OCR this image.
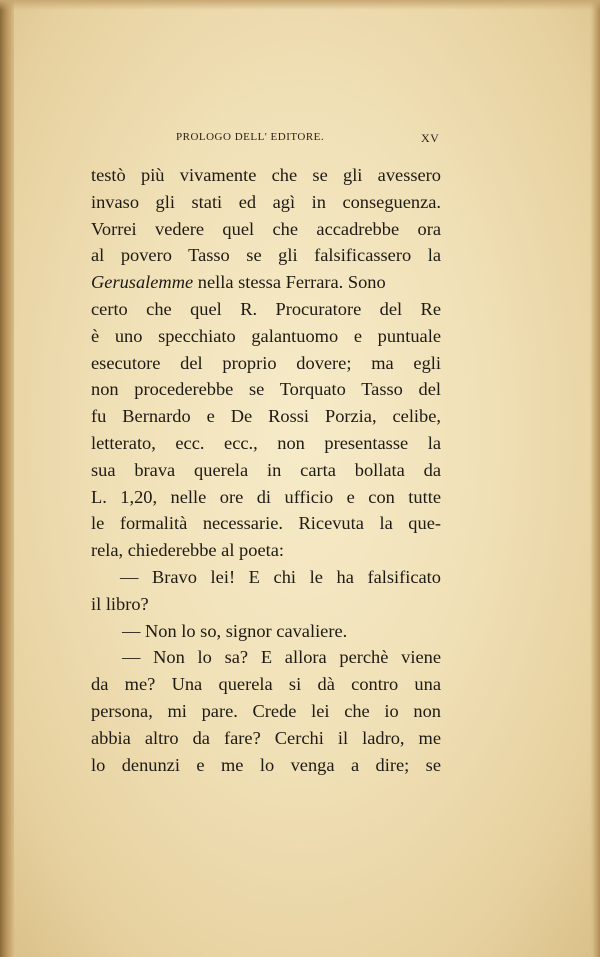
PROLOGO DELL' EDITORE.	XV
testò più vivamente che se gli avessero
invaso gli stati ed agì in conseguenza.
Vorrei vedere quel che accadrebbe ora
al povero Tasso se gli falsificassero la
Gerusalemme nella stessa Ferrara. Sono
certo che quel R. Procuratore del Re
è uno specchiato galantuomo e puntuale
esecutore del proprio dovere; ma egli
non procederebbe se Torquato Tasso del
fu Bernardo e De Rossi Porzia, celibe,
letterato, ecc. ecc., non presentasse la
sua brava querela in carta bollata da
L. 1,20, nelle ore di ufficio e con tutte
le formalità necessarie. Ricevuta la que-
rela, chiederebbe al poeta:
— Bravo lei! E chi le ha falsificato
il libro?
— Non lo so, signor cavaliere.
— Non lo sa? E allora perchè viene
da me? Una querela si dà contro una
persona, mi pare. Crede lei che io non
abbia altro da fare? Cerchi il ladro, me
lo denunzi e me lo venga a dire; se
